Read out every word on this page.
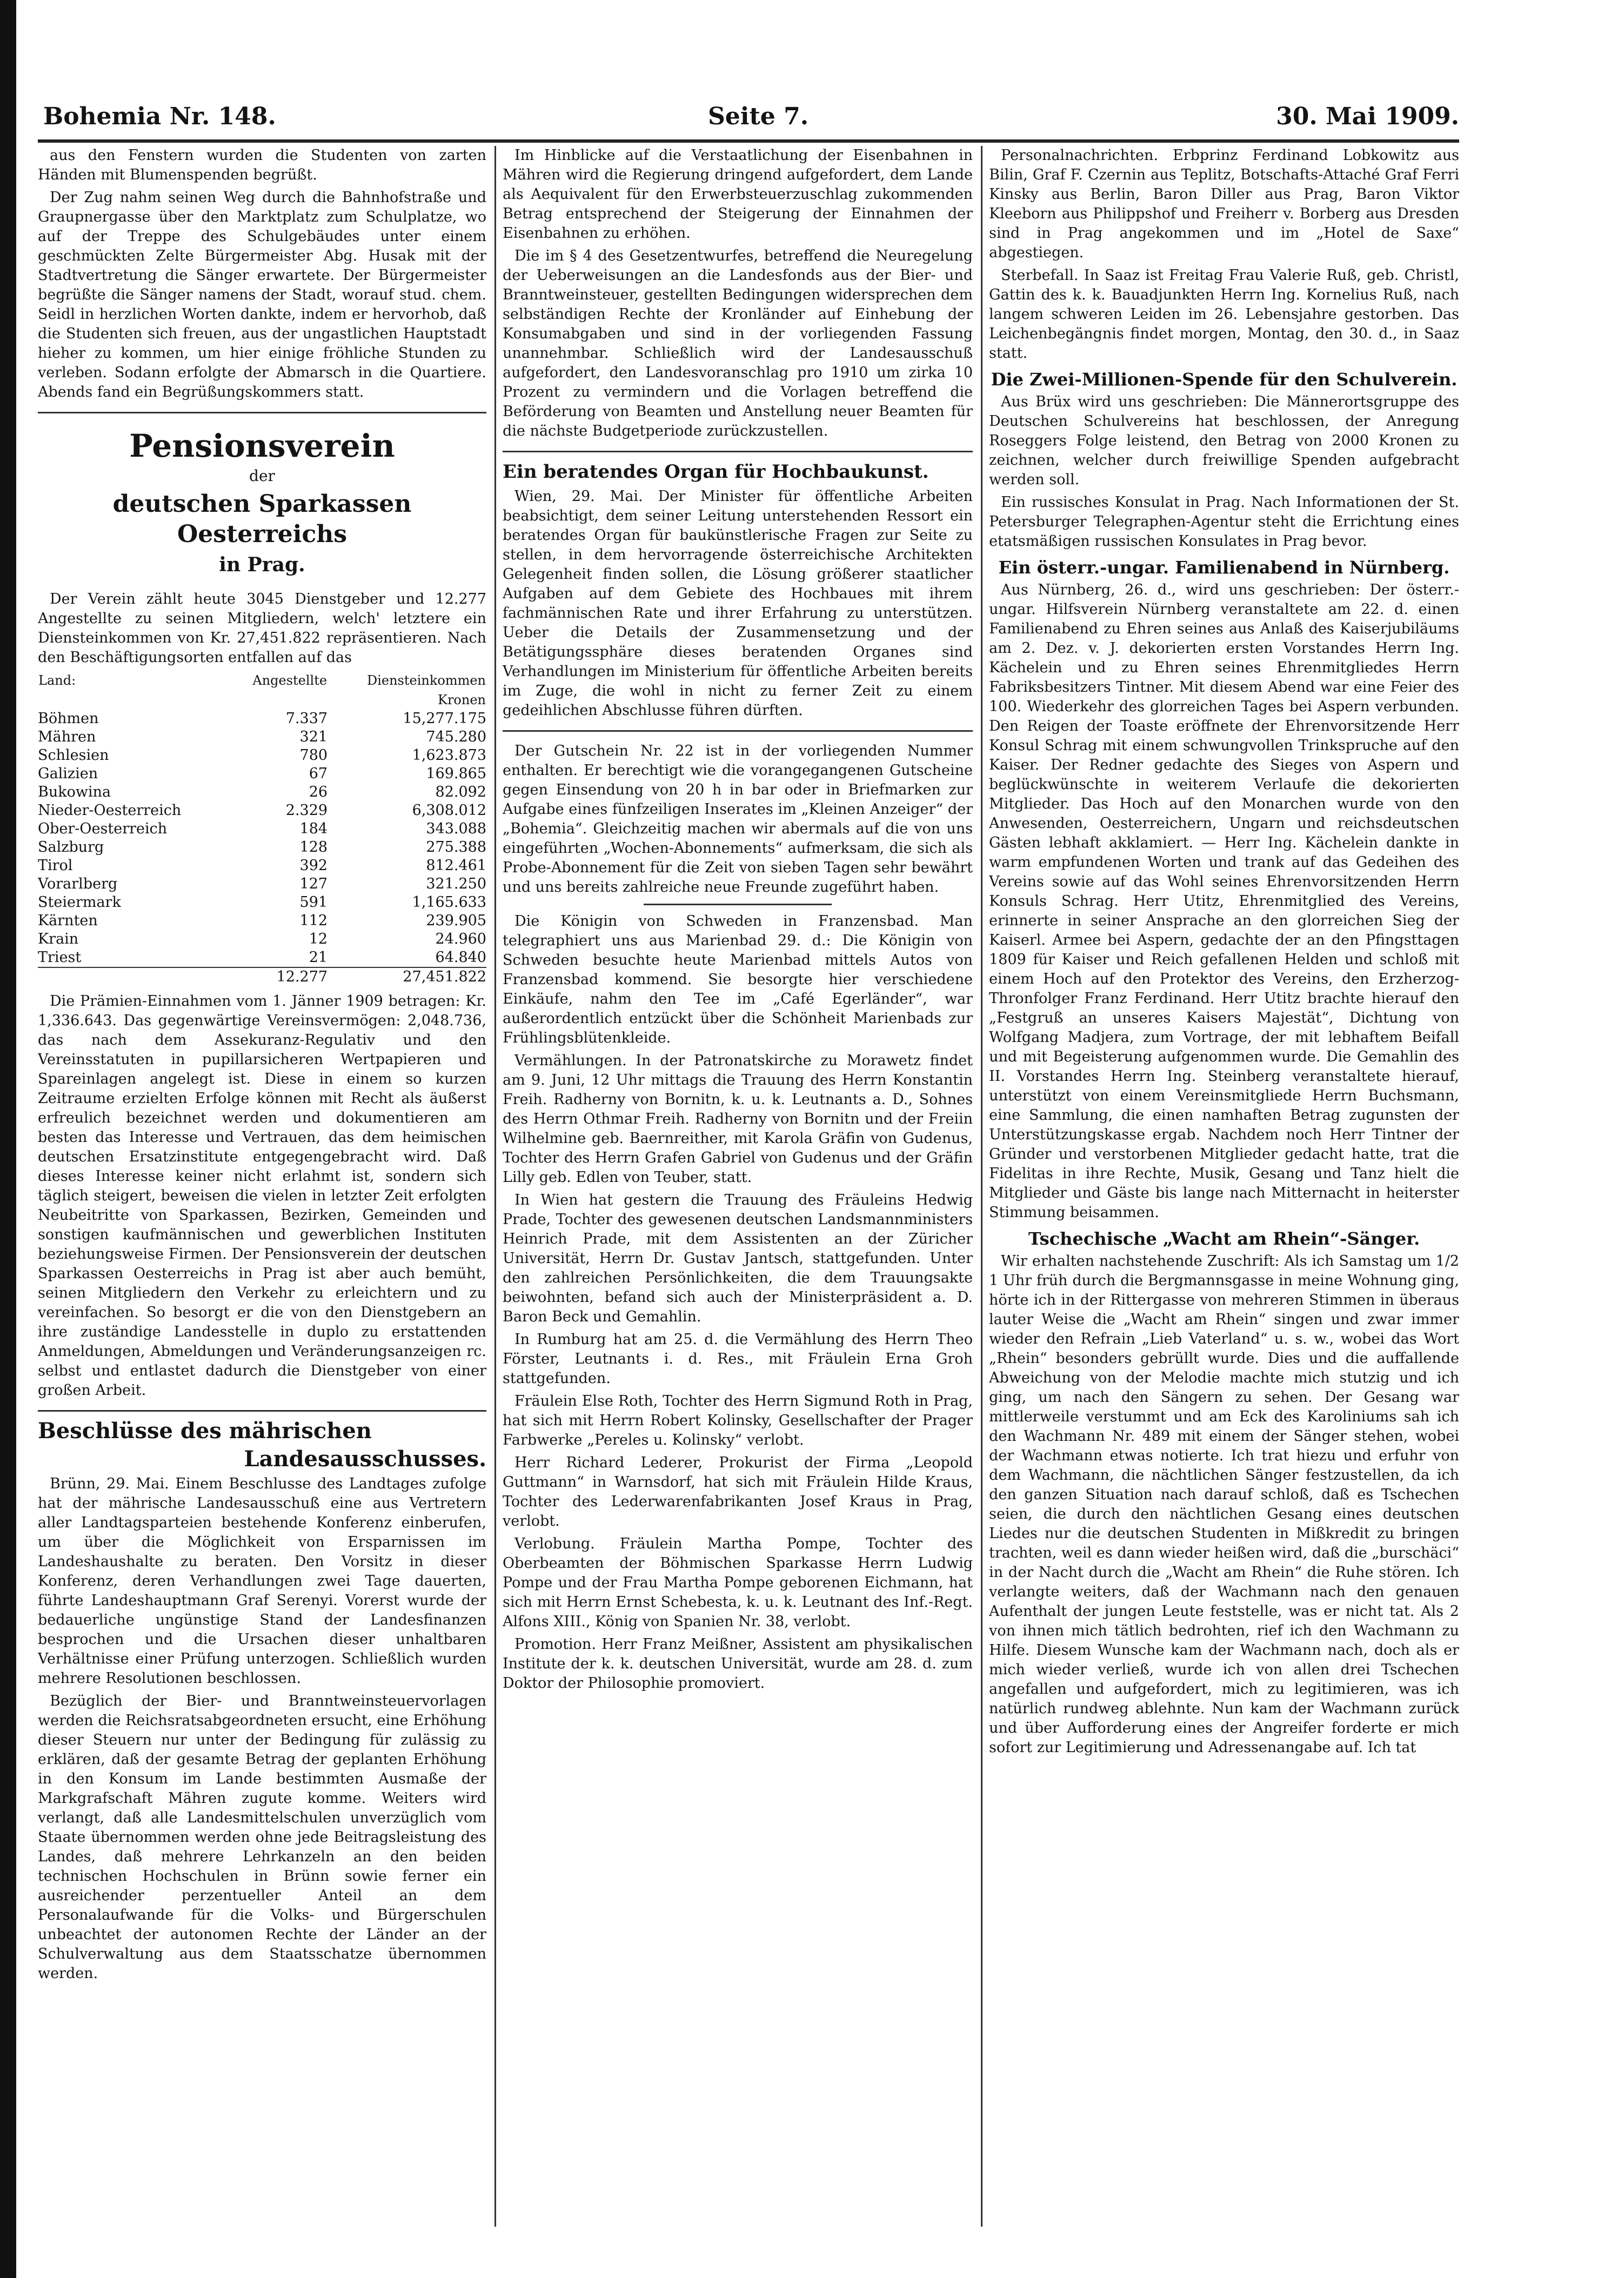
Bohemia Nr. 148.	Seite 7.	30. Mai 1909.

aus den Fenstern wurden die Studenten von zarten Händen mit Blumenspenden begrüßt.

Der Zug nahm seinen Weg durch die Bahnhofstraße und Graupnergasse über den Marktplatz zum Schulplatze, wo auf der Treppe des Schulgebäudes unter einem geschmückten Zelte Bürgermeister Abg. Husak mit der Stadtvertretung die Sänger erwartete. Der Bürgermeister begrüßte die Sänger namens der Stadt, worauf stud. chem. Seidl in herzlichen Worten dankte, indem er hervorhob, daß die Studenten sich freuen, aus der ungastlichen Hauptstadt hieher zu kommen, um hier einige fröhliche Stunden zu verleben. Sodann erfolgte der Abmarsch in die Quartiere. Abends fand ein Begrüßungskommers statt.

Pensionsverein
der
deutschen Sparkassen Oesterreichs
in Prag.

Der Verein zählt heute 3045 Dienstgeber und 12.277 Angestellte zu seinen Mitgliedern, welch' letztere ein Diensteinkommen von Kr. 27,451.822 repräsentieren. Nach den Beschäftigungsorten entfallen auf das

Land:	Angestellte	Diensteinkommen
		Kronen
Böhmen	7.337	15,277.175
Mähren	321	745.280
Schlesien	780	1,623.873
Galizien	67	169.865
Bukowina	26	82.092
Nieder-Oesterreich	2.329	6,308.012
Ober-Oesterreich	184	343.088
Salzburg	128	275.388
Tirol	392	812.461
Vorarlberg	127	321.250
Steiermark	591	1,165.633
Kärnten	112	239.905
Krain	12	24.960
Triest	21	64.840
	12.277	27,451.822

Die Prämien-Einnahmen vom 1. Jänner 1909 betragen: Kr. 1,336.643. Das gegenwärtige Vereinsvermögen: 2,048.736, das nach dem Assekuranz-Regulativ und den Vereinsstatuten in pupillarsicheren Wertpapieren und Spareinlagen angelegt ist. Diese in einem so kurzen Zeitraume erzielten Erfolge können mit Recht als äußerst erfreulich bezeichnet werden und dokumentieren am besten das Interesse und Vertrauen, das dem heimischen deutschen Ersatzinstitute entgegengebracht wird. Daß dieses Interesse keiner nicht erlahmt ist, sondern sich täglich steigert, beweisen die vielen in letzter Zeit erfolgten Neubeitritte von Sparkassen, Bezirken, Gemeinden und sonstigen kaufmännischen und gewerblichen Instituten beziehungsweise Firmen. Der Pensionsverein der deutschen Sparkassen Oesterreichs in Prag ist aber auch bemüht, seinen Mitgliedern den Verkehr zu erleichtern und zu vereinfachen. So besorgt er die von den Dienstgebern an ihre zuständige Landesstelle in duplo zu erstattenden Anmeldungen, Abmeldungen und Veränderungsanzeigen rc. selbst und entlastet dadurch die Dienstgeber von einer großen Arbeit.

Beschlüsse des mährischen
Landesausschusses.

Brünn, 29. Mai. Einem Beschlusse des Landtages zufolge hat der mährische Landesausschuß eine aus Vertretern aller Landtagsparteien bestehende Konferenz einberufen, um über die Möglichkeit von Ersparnissen im Landeshaushalte zu beraten. Den Vorsitz in dieser Konferenz, deren Verhandlungen zwei Tage dauerten, führte Landeshauptmann Graf Serenyi. Vorerst wurde der bedauerliche ungünstige Stand der Landesfinanzen besprochen und die Ursachen dieser unhaltbaren Verhältnisse einer Prüfung unterzogen. Schließlich wurden mehrere Resolutionen beschlossen.

Bezüglich der Bier- und Branntweinsteuervorlagen werden die Reichsratsabgeordneten ersucht, eine Erhöhung dieser Steuern nur unter der Bedingung für zulässig zu erklären, daß der gesamte Betrag der geplanten Erhöhung in den Konsum im Lande bestimmten Ausmaße der Markgrafschaft Mähren zugute komme. Weiters wird verlangt, daß alle Landesmittelschulen unverzüglich vom Staate übernommen werden ohne jede Beitragsleistung des Landes, daß mehrere Lehrkanzeln an den beiden technischen Hochschulen in Brünn sowie ferner ein ausreichender perzentueller Anteil an dem Personalaufwande für die Volks- und Bürgerschulen unbeachtet der autonomen Rechte der Länder an der Schulverwaltung aus dem Staatsschatze übernommen werden.

Im Hinblicke auf die Verstaatlichung der Eisenbahnen in Mähren wird die Regierung dringend aufgefordert, dem Lande als Aequivalent für den Erwerbsteuerzuschlag zukommenden Betrag entsprechend der Steigerung der Einnahmen der Eisenbahnen zu erhöhen.

Die im § 4 des Gesetzentwurfes, betreffend die Neuregelung der Ueberweisungen an die Landesfonds aus der Bier- und Branntweinsteuer, gestellten Bedingungen widersprechen dem selbständigen Rechte der Kronländer auf Einhebung der Konsumabgaben und sind in der vorliegenden Fassung unannehmbar. Schließlich wird der Landesausschuß aufgefordert, den Landesvoranschlag pro 1910 um zirka 10 Prozent zu vermindern und die Vorlagen betreffend die Beförderung von Beamten und Anstellung neuer Beamten für die nächste Budgetperiode zurückzustellen.

Ein beratendes Organ für Hochbaukunst.

Wien, 29. Mai. Der Minister für öffentliche Arbeiten beabsichtigt, dem seiner Leitung unterstehenden Ressort ein beratendes Organ für baukünstlerische Fragen zur Seite zu stellen, in dem hervorragende österreichische Architekten Gelegenheit finden sollen, die Lösung größerer staatlicher Aufgaben auf dem Gebiete des Hochbaues mit ihrem fachmännischen Rate und ihrer Erfahrung zu unterstützen. Ueber die Details der Zusammensetzung und der Betätigungssphäre dieses beratenden Organes sind Verhandlungen im Ministerium für öffentliche Arbeiten bereits im Zuge, die wohl in nicht zu ferner Zeit zu einem gedeihlichen Abschlusse führen dürften.

Der Gutschein Nr. 22 ist in der vorliegenden Nummer enthalten. Er berechtigt wie die vorangegangenen Gutscheine gegen Einsendung von 20 h in bar oder in Briefmarken zur Aufgabe eines fünfzeiligen Inserates im „Kleinen Anzeiger“ der „Bohemia“. Gleichzeitig machen wir abermals auf die von uns eingeführten „Wochen-Abonnements“ aufmerksam, die sich als Probe-Abonnement für die Zeit von sieben Tagen sehr bewährt und uns bereits zahlreiche neue Freunde zugeführt haben.

Die Königin von Schweden in Franzensbad. Man telegraphiert uns aus Marienbad 29. d.: Die Königin von Schweden besuchte heute Marienbad mittels Autos von Franzensbad kommend. Sie besorgte hier verschiedene Einkäufe, nahm den Tee im „Café Egerländer“, war außerordentlich entzückt über die Schönheit Marienbads zur Frühlingsblütenkleide.

Vermählungen. In der Patronatskirche zu Morawetz findet am 9. Juni, 12 Uhr mittags die Trauung des Herrn Konstantin Freih. Radherny von Bornitn, k. u. k. Leutnants a. D., Sohnes des Herrn Othmar Freih. Radherny von Bornitn und der Freiin Wilhelmine geb. Baernreither, mit Karola Gräfin von Gudenus, Tochter des Herrn Grafen Gabriel von Gudenus und der Gräfin Lilly geb. Edlen von Teuber, statt.

In Wien hat gestern die Trauung des Fräuleins Hedwig Prade, Tochter des gewesenen deutschen Landsmannministers Heinrich Prade, mit dem Assistenten an der Züricher Universität, Herrn Dr. Gustav Jantsch, stattgefunden. Unter den zahlreichen Persönlichkeiten, die dem Trauungsakte beiwohnten, befand sich auch der Ministerpräsident a. D. Baron Beck und Gemahlin.

In Rumburg hat am 25. d. die Vermählung des Herrn Theo Förster, Leutnants i. d. Res., mit Fräulein Erna Groh stattgefunden.

Fräulein Else Roth, Tochter des Herrn Sigmund Roth in Prag, hat sich mit Herrn Robert Kolinsky, Gesellschafter der Prager Farbwerke „Pereles u. Kolinsky“ verlobt.

Herr Richard Lederer, Prokurist der Firma „Leopold Guttmann“ in Warnsdorf, hat sich mit Fräulein Hilde Kraus, Tochter des Lederwarenfabrikanten Josef Kraus in Prag, verlobt.

Verlobung. Fräulein Martha Pompe, Tochter des Oberbeamten der Böhmischen Sparkasse Herrn Ludwig Pompe und der Frau Martha Pompe geborenen Eichmann, hat sich mit Herrn Ernst Schebesta, k. u. k. Leutnant des Inf.-Regt. Alfons XIII., König von Spanien Nr. 38, verlobt.

Promotion. Herr Franz Meißner, Assistent am physikalischen Institute der k. k. deutschen Universität, wurde am 28. d. zum Doktor der Philosophie promoviert.

Personalnachrichten. Erbprinz Ferdinand Lobkowitz aus Bilin, Graf F. Czernin aus Teplitz, Botschafts-Attaché Graf Ferri Kinsky aus Berlin, Baron Diller aus Prag, Baron Viktor Kleeborn aus Philippshof und Freiherr v. Borberg aus Dresden sind in Prag angekommen und im „Hotel de Saxe“ abgestiegen.

Sterbefall. In Saaz ist Freitag Frau Valerie Ruß, geb. Christl, Gattin des k. k. Bauadjunkten Herrn Ing. Kornelius Ruß, nach langem schweren Leiden im 26. Lebensjahre gestorben. Das Leichenbegängnis findet morgen, Montag, den 30. d., in Saaz statt.

Die Zwei-Millionen-Spende für den Schulverein.

Aus Brüx wird uns geschrieben: Die Männerortsgruppe des Deutschen Schulvereins hat beschlossen, der Anregung Roseggers Folge leistend, den Betrag von 2000 Kronen zu zeichnen, welcher durch freiwillige Spenden aufgebracht werden soll.

Ein russisches Konsulat in Prag. Nach Informationen der St. Petersburger Telegraphen-Agentur steht die Errichtung eines etatsmäßigen russischen Konsulates in Prag bevor.

Ein österr.-ungar. Familienabend in Nürnberg.

Aus Nürnberg, 26. d., wird uns geschrieben: Der österr.-ungar. Hilfsverein Nürnberg veranstaltete am 22. d. einen Familienabend zu Ehren seines aus Anlaß des Kaiserjubiläums am 2. Dez. v. J. dekorierten ersten Vorstandes Herrn Ing. Kächelein und zu Ehren seines Ehrenmitgliedes Herrn Fabriksbesitzers Tintner. Mit diesem Abend war eine Feier des 100. Wiederkehr des glorreichen Tages bei Aspern verbunden. Den Reigen der Toaste eröffnete der Ehrenvorsitzende Herr Konsul Schrag mit einem schwungvollen Trinkspruche auf den Kaiser. Der Redner gedachte des Sieges von Aspern und beglückwünschte in weiterem Verlaufe die dekorierten Mitglieder. Das Hoch auf den Monarchen wurde von den Anwesenden, Oesterreichern, Ungarn und reichsdeutschen Gästen lebhaft akklamiert. — Herr Ing. Kächelein dankte in warm empfundenen Worten und trank auf das Gedeihen des Vereins sowie auf das Wohl seines Ehrenvorsitzenden Herrn Konsuls Schrag. Herr Utitz, Ehrenmitglied des Vereins, erinnerte in seiner Ansprache an den glorreichen Sieg der Kaiserl. Armee bei Aspern, gedachte der an den Pfingsttagen 1809 für Kaiser und Reich gefallenen Helden und schloß mit einem Hoch auf den Protektor des Vereins, den Erzherzog-Thronfolger Franz Ferdinand. Herr Utitz brachte hierauf den „Festgruß an unseres Kaisers Majestät“, Dichtung von Wolfgang Madjera, zum Vortrage, der mit lebhaftem Beifall und mit Begeisterung aufgenommen wurde. Die Gemahlin des II. Vorstandes Herrn Ing. Steinberg veranstaltete hierauf, unterstützt von einem Vereinsmitgliede Herrn Buchsmann, eine Sammlung, die einen namhaften Betrag zugunsten der Unterstützungskasse ergab. Nachdem noch Herr Tintner der Gründer und verstorbenen Mitglieder gedacht hatte, trat die Fidelitas in ihre Rechte, Musik, Gesang und Tanz hielt die Mitglieder und Gäste bis lange nach Mitternacht in heiterster Stimmung beisammen.

Tschechische „Wacht am Rhein“-Sänger.

Wir erhalten nachstehende Zuschrift: Als ich Samstag um 1/2 1 Uhr früh durch die Bergmannsgasse in meine Wohnung ging, hörte ich in der Rittergasse von mehreren Stimmen in überaus lauter Weise die „Wacht am Rhein“ singen und zwar immer wieder den Refrain „Lieb Vaterland“ u. s. w., wobei das Wort „Rhein“ besonders gebrüllt wurde. Dies und die auffallende Abweichung von der Melodie machte mich stutzig und ich ging, um nach den Sängern zu sehen. Der Gesang war mittlerweile verstummt und am Eck des Karoliniums sah ich den Wachmann Nr. 489 mit einem der Sänger stehen, wobei der Wachmann etwas notierte. Ich trat hiezu und erfuhr von dem Wachmann, die nächtlichen Sänger festzustellen, da ich den ganzen Situation nach darauf schloß, daß es Tschechen seien, die durch den nächtlichen Gesang eines deutschen Liedes nur die deutschen Studenten in Mißkredit zu bringen trachten, weil es dann wieder heißen wird, daß die „burschäci“ in der Nacht durch die „Wacht am Rhein“ die Ruhe stören. Ich verlangte weiters, daß der Wachmann nach den genauen Aufenthalt der jungen Leute feststelle, was er nicht tat. Als 2 von ihnen mich tätlich bedrohten, rief ich den Wachmann zu Hilfe. Diesem Wunsche kam der Wachmann nach, doch als er mich wieder verließ, wurde ich von allen drei Tschechen angefallen und aufgefordert, mich zu legitimieren, was ich natürlich rundweg ablehnte. Nun kam der Wachmann zurück und über Aufforderung eines der Angreifer forderte er mich sofort zur Legitimierung und Adressenangabe auf. Ich tat
